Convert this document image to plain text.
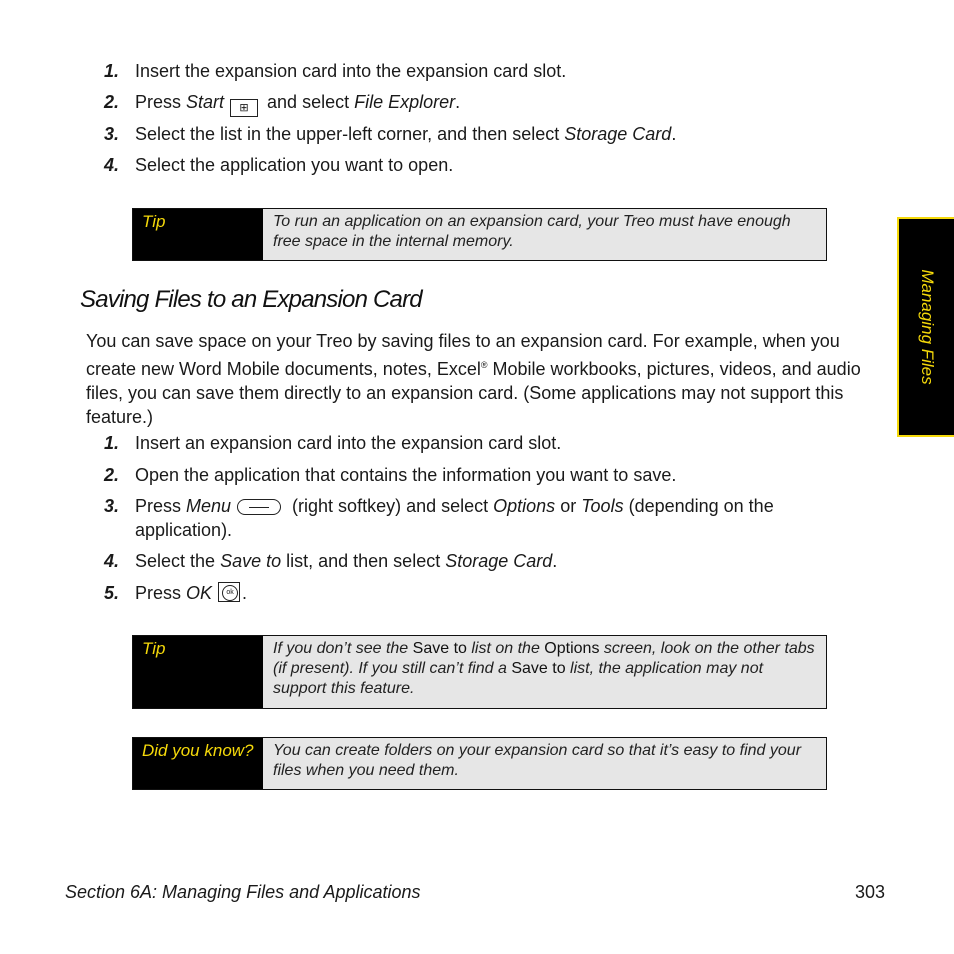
1. Insert the expansion card into the expansion card slot.
2. Press Start ⊞ and select File Explorer.
3. Select the list in the upper-left corner, and then select Storage Card.
4. Select the application you want to open.
Tip	To run an application on an expansion card, your Treo must have enough free space in the internal memory.
Saving Files to an Expansion Card
You can save space on your Treo by saving files to an expansion card. For example, when you create new Word Mobile documents, notes, Excel® Mobile workbooks, pictures, videos, and audio files, you can save them directly to an expansion card. (Some applications may not support this feature.)
1. Insert an expansion card into the expansion card slot.
2. Open the application that contains the information you want to save.
3. Press Menu	(right softkey) and select Options or Tools (depending on the application).
4. Select the Save to list, and then select Storage Card.
5. Press OK	ok .
Tip	If you don’t see the Save to list on the Options screen, look on the other tabs (if present). If you still can’t find a Save to list, the application may not support this feature.
Did you know?	You can create folders on your expansion card so that it’s easy to find your files when you need them.
Managing Files
Section 6A: Managing Files and Applications	303
